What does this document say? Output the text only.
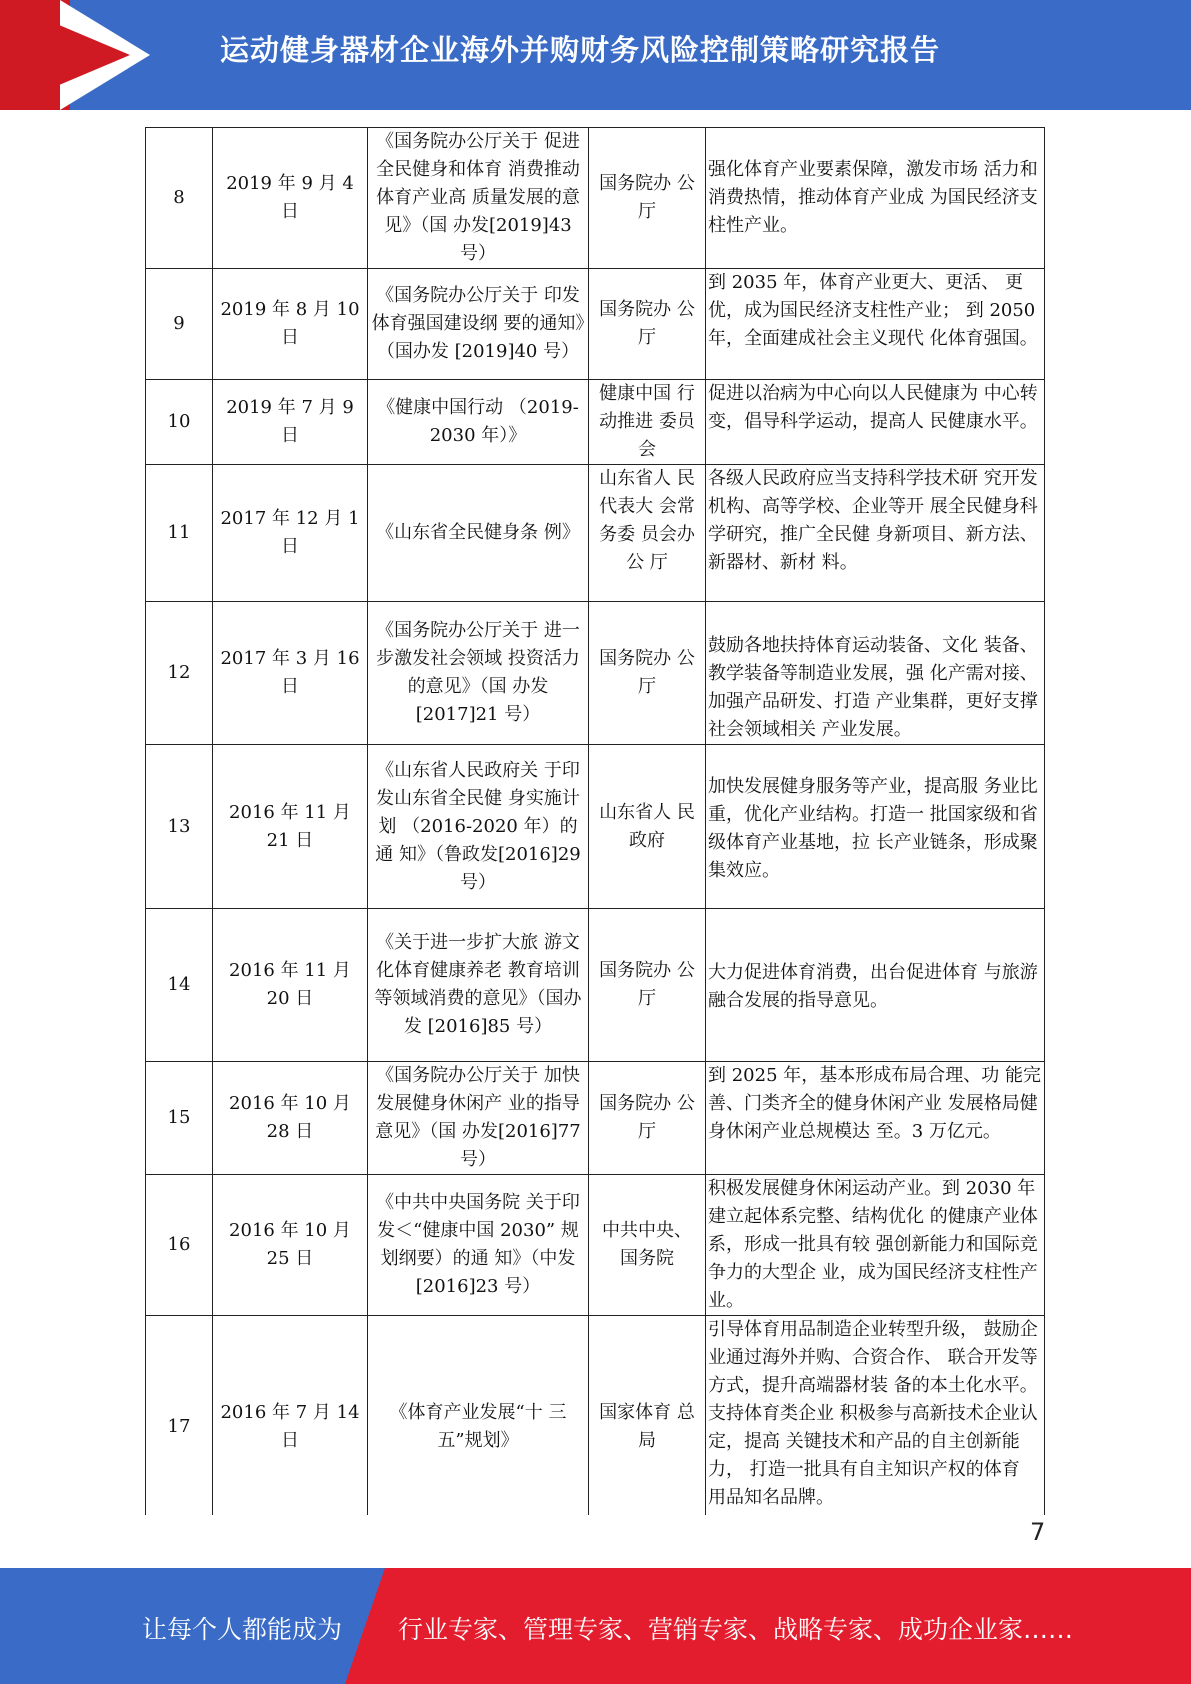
运动健身器材企业海外并购财务风险控制策略研究报告
8	2019 年 9 月 4 日	《国务院办公厅关于 促进全民健身和体育 消费推动体育产业高 质量发展的意见》（国 办发[2019]43 号）	国务院办 公厅	强化体育产业要素保障，激发市场 活力和消费热情，推动体育产业成 为国民经济支柱性产业。
9	2019 年 8 月 10 日	《国务院办公厅关于 印发体育强国建设纲 要的通知》（国办发 [2019]40 号）	国务院办 公厅	到 2035 年，体育产业更大、更活、 更优，成为国民经济支柱性产业； 到 2050 年，全面建成社会主义现代 化体育强国。
10	2019 年 7 月 9 日	《健康中国行动 （2019-2030 年）》	健康中国 行动推进 委员会	促进以治病为中心向以人民健康为 中心转变，倡导科学运动，提高人 民健康水平。
11	2017 年 12 月 1 日	《山东省全民健身条 例》	山东省人 民代表大 会常务委 员会办公 厅	各级人民政府应当支持科学技术研 究开发机构、高等学校、企业等开 展全民健身科学研究，推广全民健 身新项目、新方法、新器材、新材 料。
12	2017 年 3 月 16 日	《国务院办公厅关于 进一步激发社会领域 投资活力的意见》（国 办发[2017]21 号）	国务院办 公厅	鼓励各地扶持体育运动装备、文化 装备、教学装备等制造业发展，强 化产需对接、加强产品研发、打造 产业集群，更好支撑社会领域相关 产业发展。
13	2016 年 11 月 21 日	《山东省人民政府关 于印发山东省全民健 身实施计划 （2016-2020 年）的通 知》（鲁政发[2016]29 号）	山东省人 民政府	加快发展健身服务等产业，提高服 务业比重，优化产业结构。打造一 批国家级和省级体育产业基地，拉 长产业链条，形成聚集效应。
14	2016 年 11 月 20 日	《关于进一步扩大旅 游文化体育健康养老 教育培训等领域消费的意见》（国办发 [2016]85 号）	国务院办 公厅	大力促进体育消费，出台促进体育 与旅游融合发展的指导意见。
15	2016 年 10 月 28 日	《国务院办公厅关于 加快发展健身休闲产 业的指导意见》（国 办发[2016]77 号）	国务院办 公厅	到 2025 年，基本形成布局合理、功 能完善、门类齐全的健身休闲产业 发展格局健身休闲产业总规模达 至。3 万亿元。
16	2016 年 10 月 25 日	《中共中央国务院 关于印发＜“健康中国 2030” 规划纲要）的通 知》（中发[2016]23 号）	中共中央、 国务院	积极发展健身休闲运动产业。到 2030 年建立起体系完整、结构优化 的健康产业体系，形成一批具有较 强创新能力和国际竞争力的大型企 业，成为国民经济支柱性产业。
17	2016 年 7 月 14 日	《体育产业发展“十 三五”规划》	国家体育 总局	引导体育用品制造企业转型升级， 鼓励企业通过海外并购、合资合作、 联合开发等方式，提升高端器材装 备的本土化水平。支持体育类企业 积极参与高新技术企业认定，提高 关键技术和产品的自主创新能力， 打造一批具有自主知识产权的体育 用品知名品牌。
7
让每个人都能成为 行业专家、管理专家、营销专家、战略专家、成功企业家……
